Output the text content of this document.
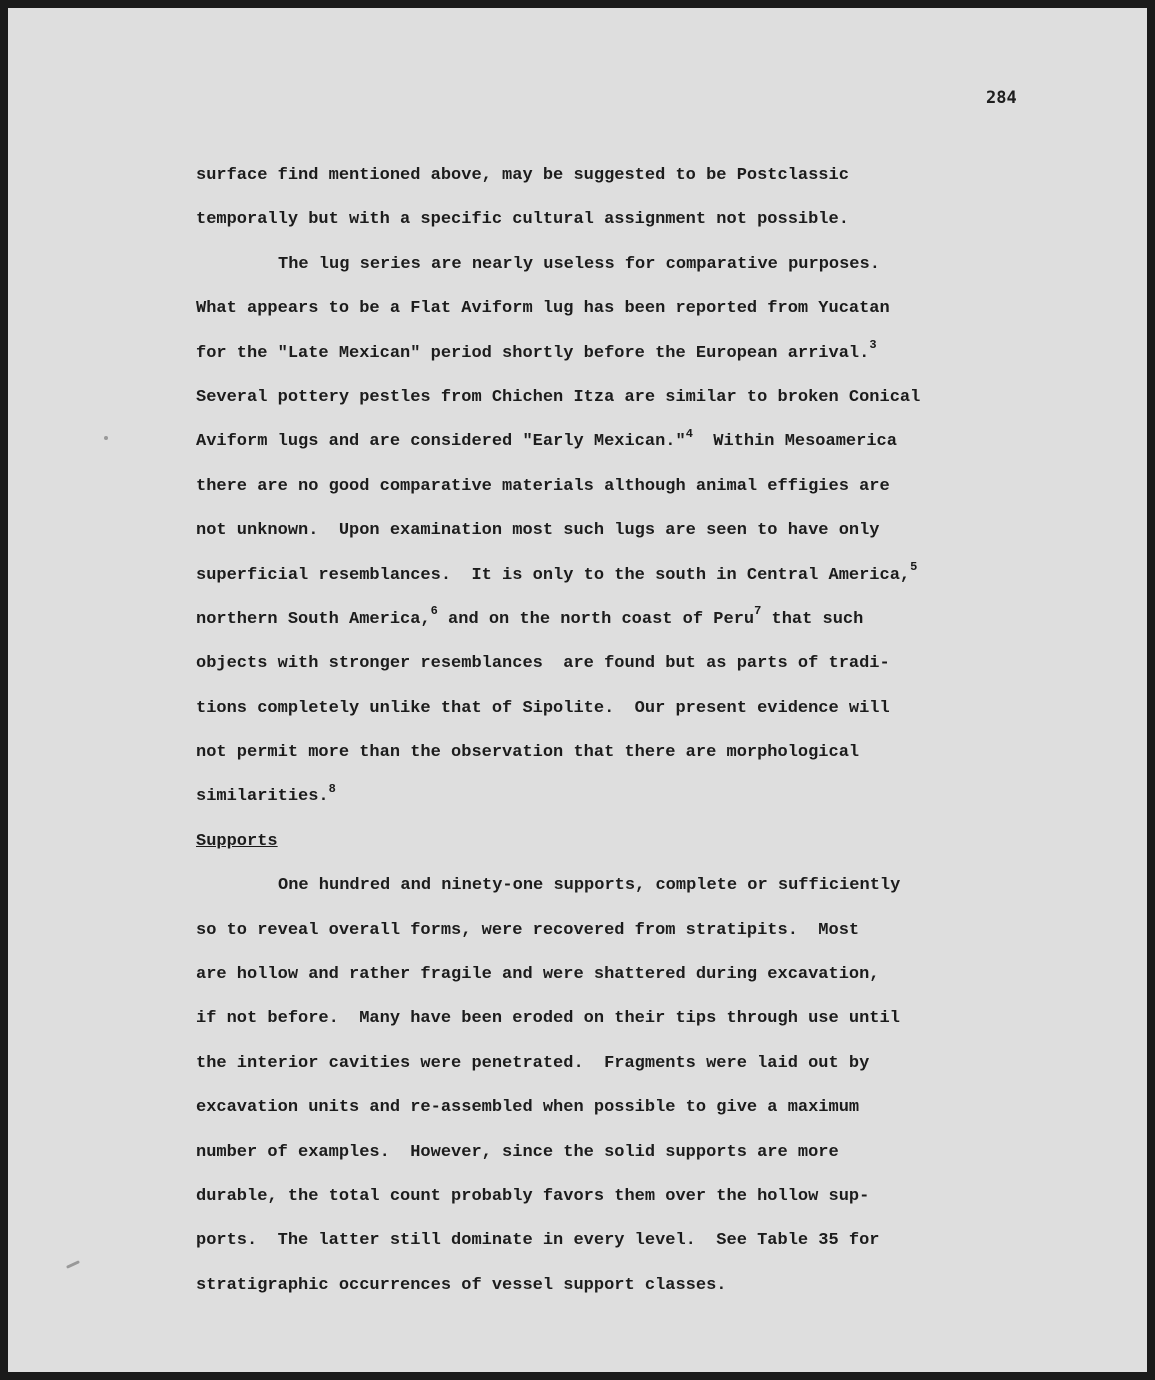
284
surface find mentioned above, may be suggested to be Postclassic
temporally but with a specific cultural assignment not possible.
The lug series are nearly useless for comparative purposes.
What appears to be a Flat Aviform lug has been reported from Yucatan
for the "Late Mexican" period shortly before the European arrival.$^3$
Several pottery pestles from Chichen Itza are similar to broken Conical
Aviform lugs and are considered "Early Mexican."$^4$  Within Mesoamerica
there are no good comparative materials although animal effigies are
not unknown.  Upon examination most such lugs are seen to have only
superficial resemblances.  It is only to the south in Central America,$^5$
northern South America,$^6$ and on the north coast of Peru$^7$ that such
objects with stronger resemblances  are found but as parts of tradi-
tions completely unlike that of Sipolite.  Our present evidence will
not permit more than the observation that there are morphological
similarities.$^8$
Supports
One hundred and ninety-one supports, complete or sufficiently
so to reveal overall forms, were recovered from stratipits.  Most
are hollow and rather fragile and were shattered during excavation,
if not before.  Many have been eroded on their tips through use until
the interior cavities were penetrated.  Fragments were laid out by
excavation units and re-assembled when possible to give a maximum
number of examples.  However, since the solid supports are more
durable, the total count probably favors them over the hollow sup-
ports.  The latter still dominate in every level.  See Table 35 for
stratigraphic occurrences of vessel support classes.
